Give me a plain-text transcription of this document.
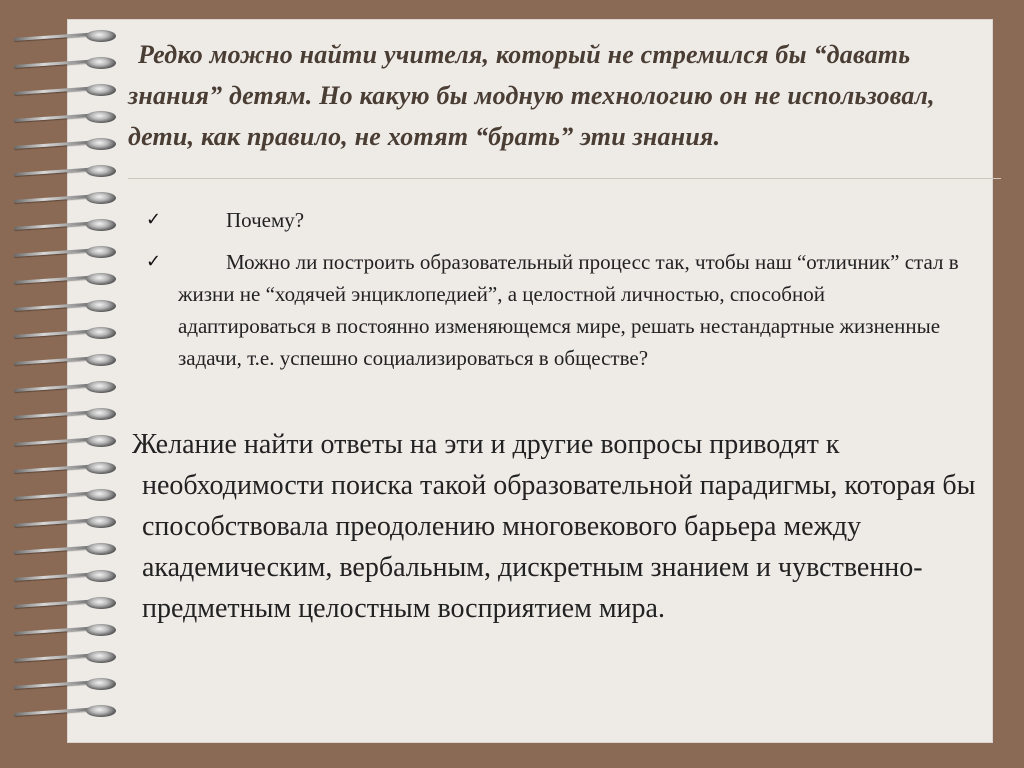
Редко можно найти учителя, который не стремился бы “давать знания” детям. Но какую бы модную технологию он не использовал, дети, как правило, не хотят “брать” эти знания.

✓	Почему?
✓	Можно ли построить образовательный процесс так, чтобы наш “отличник” стал в жизни не “ходячей энциклопедией”, а целостной личностью, способной адаптироваться в постоянно изменяющемся мире, решать нестандартные жизненные задачи, т.е. успешно социализироваться в обществе?

Желание найти ответы на эти и другие вопросы приводят к необходимости поиска такой образовательной парадигмы, которая бы способствовала преодолению многовекового барьера между академическим, вербальным, дискретным знанием и чувственно-предметным целостным восприятием мира.
